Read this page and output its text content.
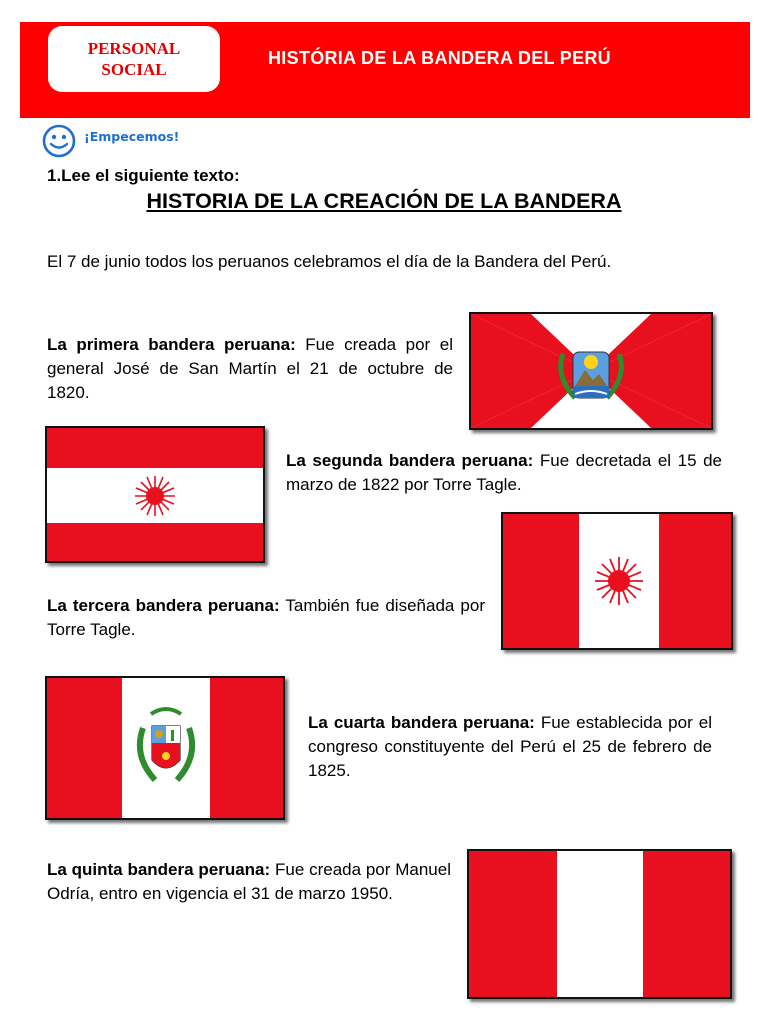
PERSONAL
SOCIAL
HISTÓRIA DE LA BANDERA DEL PERÚ
¡Empecemos!
1.Lee el siguiente texto:
HISTORIA DE LA CREACIÓN DE LA BANDERA
El 7 de junio todos los peruanos celebramos el día de la Bandera del Perú.
La primera bandera peruana: Fue creada por el general José de San Martín el 21 de octubre de 1820.
La segunda bandera peruana: Fue decretada el 15 de marzo de 1822 por Torre Tagle.
La tercera bandera peruana: También fue diseñada por Torre Tagle.
La cuarta bandera peruana: Fue establecida por el congreso constituyente del Perú el 25 de febrero de 1825.
La quinta bandera peruana: Fue creada por Manuel Odría, entro en vigencia el 31 de marzo 1950.
